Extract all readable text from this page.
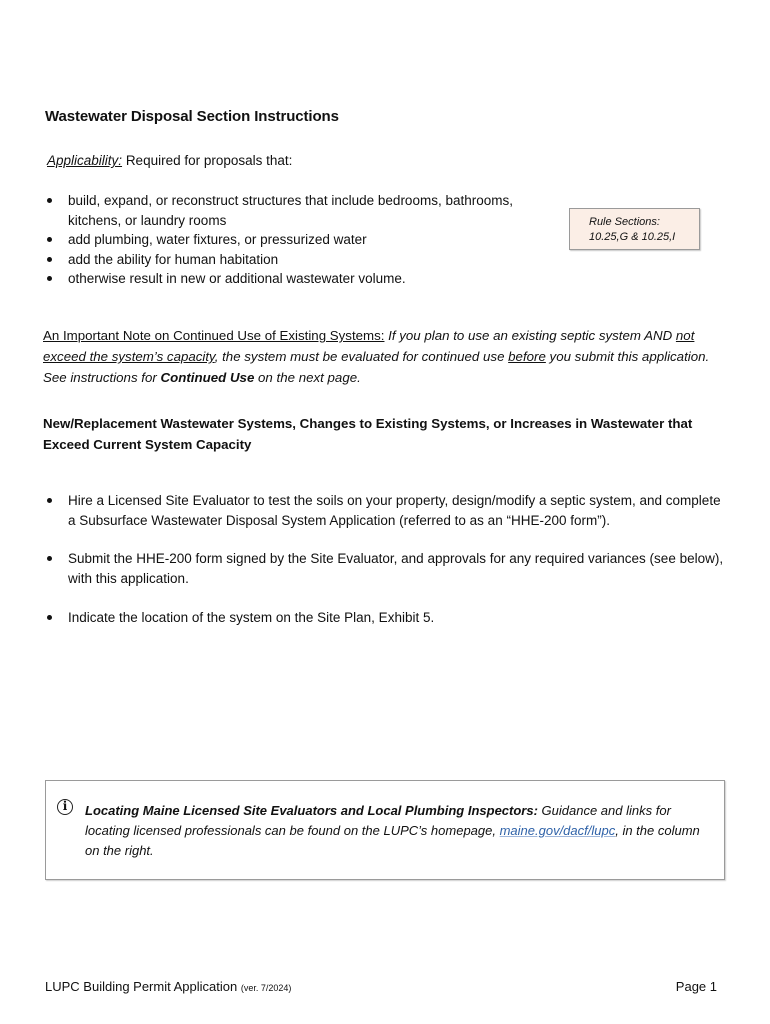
Wastewater Disposal Section Instructions
Applicability: Required for proposals that:
build, expand, or reconstruct structures that include bedrooms, bathrooms, kitchens, or laundry rooms
add plumbing, water fixtures, or pressurized water
add the ability for human habitation
otherwise result in new or additional wastewater volume.
Rule Sections:
10.25,G & 10.25,I
An Important Note on Continued Use of Existing Systems: If you plan to use an existing septic system AND not exceed the system’s capacity, the system must be evaluated for continued use before you submit this application. See instructions for Continued Use on the next page.
New/Replacement Wastewater Systems, Changes to Existing Systems, or Increases in Wastewater that Exceed Current System Capacity
Hire a Licensed Site Evaluator to test the soils on your property, design/modify a septic system, and complete a Subsurface Wastewater Disposal System Application (referred to as an “HHE-200 form”).
Submit the HHE-200 form signed by the Site Evaluator, and approvals for any required variances (see below), with this application.
Indicate the location of the system on the Site Plan, Exhibit 5.
i	Locating Maine Licensed Site Evaluators and Local Plumbing Inspectors: Guidance and links for locating licensed professionals can be found on the LUPC’s homepage, maine.gov/dacf/lupc, in the column on the right.
LUPC Building Permit Application (ver. 7/2024)	Page 1
